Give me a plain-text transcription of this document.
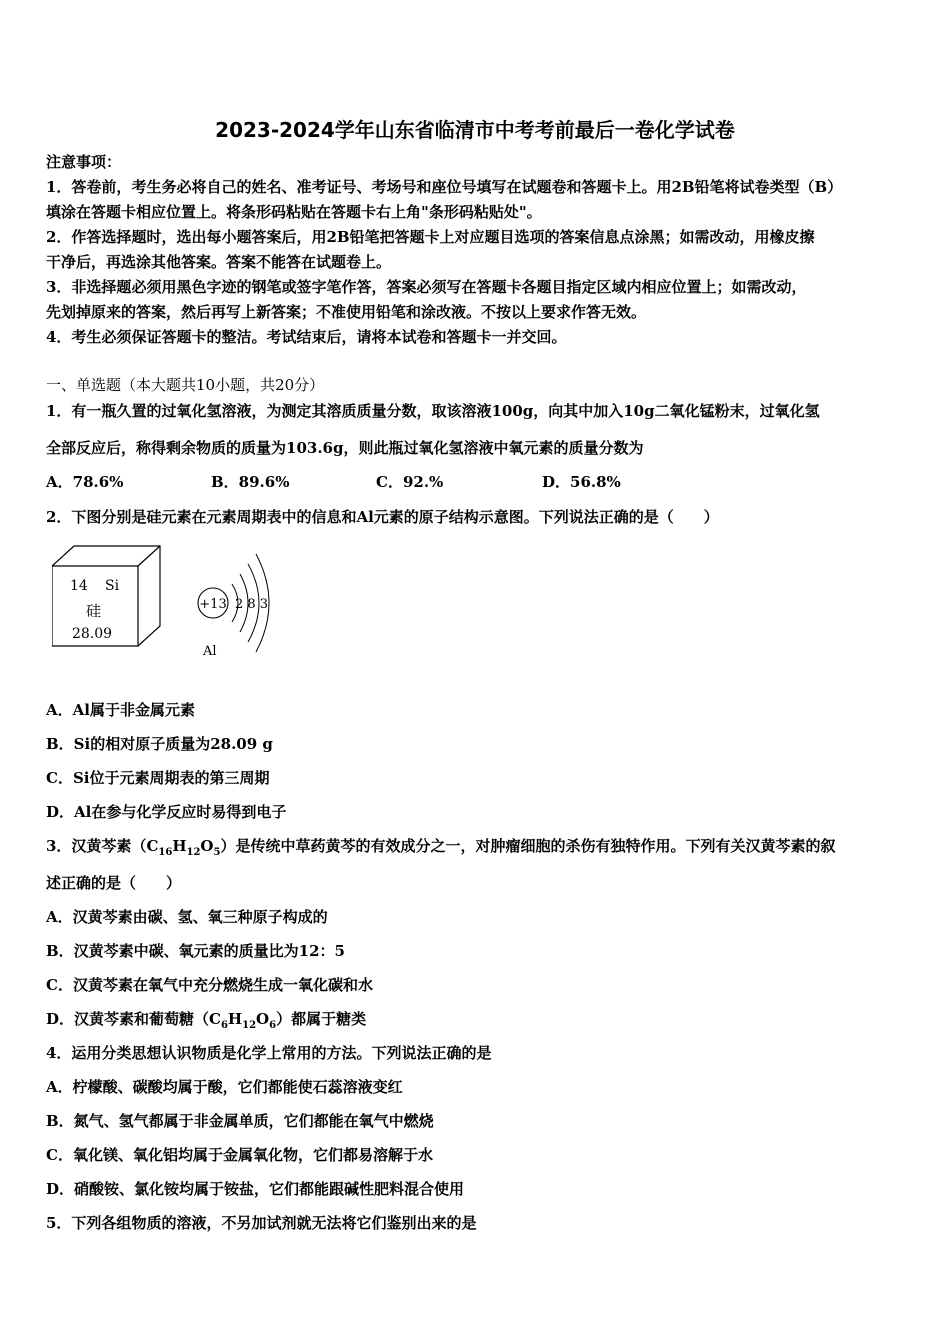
2023-2024学年山东省临清市中考考前最后一卷化学试卷
注意事项：
1．答卷前，考生务必将自己的姓名、准考证号、考场号和座位号填写在试题卷和答题卡上。用2B铅笔将试卷类型（B）
填涂在答题卡相应位置上。将条形码粘贴在答题卡右上角"条形码粘贴处"。
2．作答选择题时，选出每小题答案后，用2B铅笔把答题卡上对应题目选项的答案信息点涂黑；如需改动，用橡皮擦
干净后，再选涂其他答案。答案不能答在试题卷上。
3．非选择题必须用黑色字迹的钢笔或签字笔作答，答案必须写在答题卡各题目指定区域内相应位置上；如需改动，
先划掉原来的答案，然后再写上新答案；不准使用铅笔和涂改液。不按以上要求作答无效。
4．考生必须保证答题卡的整洁。考试结束后，请将本试卷和答题卡一并交回。
一、单选题（本大题共10小题，共20分）
1．有一瓶久置的过氧化氢溶液，为测定其溶质质量分数，取该溶液100g，向其中加入10g二氧化锰粉末，过氧化氢
全部反应后，称得剩余物质的质量为103.6g，则此瓶过氧化氢溶液中氧元素的质量分数为
A．78.6%	B．89.6%	C．92.%	D．56.8%
2．下图分别是硅元素在元素周期表中的信息和Al元素的原子结构示意图。下列说法正确的是（　　）
14 Si
硅
28.09
+13 2 8 3
Al
A．Al属于非金属元素
B．Si的相对原子质量为28.09 g
C．Si位于元素周期表的第三周期
D．Al在参与化学反应时易得到电子
3．汉黄芩素$(C_{16}H_{12}O_5)$是传统中草药黄芩的有效成分之一，对肿瘤细胞的杀伤有独特作用。下列有关汉黄芩素的叙
述正确的是（　　）
A．汉黄芩素由碳、氢、氧三种原子构成的
B．汉黄芩素中碳、氧元素的质量比为12：5
C．汉黄芩素在氧气中充分燃烧生成一氧化碳和水
D．汉黄芩素和葡萄糖$(C_6H_{12}O_6)$都属于糖类
4．运用分类思想认识物质是化学上常用的方法。下列说法正确的是
A．柠檬酸、碳酸均属于酸，它们都能使石蕊溶液变红
B．氮气、氢气都属于非金属单质，它们都能在氧气中燃烧
C．氧化镁、氧化铝均属于金属氧化物，它们都易溶解于水
D．硝酸铵、氯化铵均属于铵盐，它们都能跟碱性肥料混合使用
5．下列各组物质的溶液，不另加试剂就无法将它们鉴别出来的是
